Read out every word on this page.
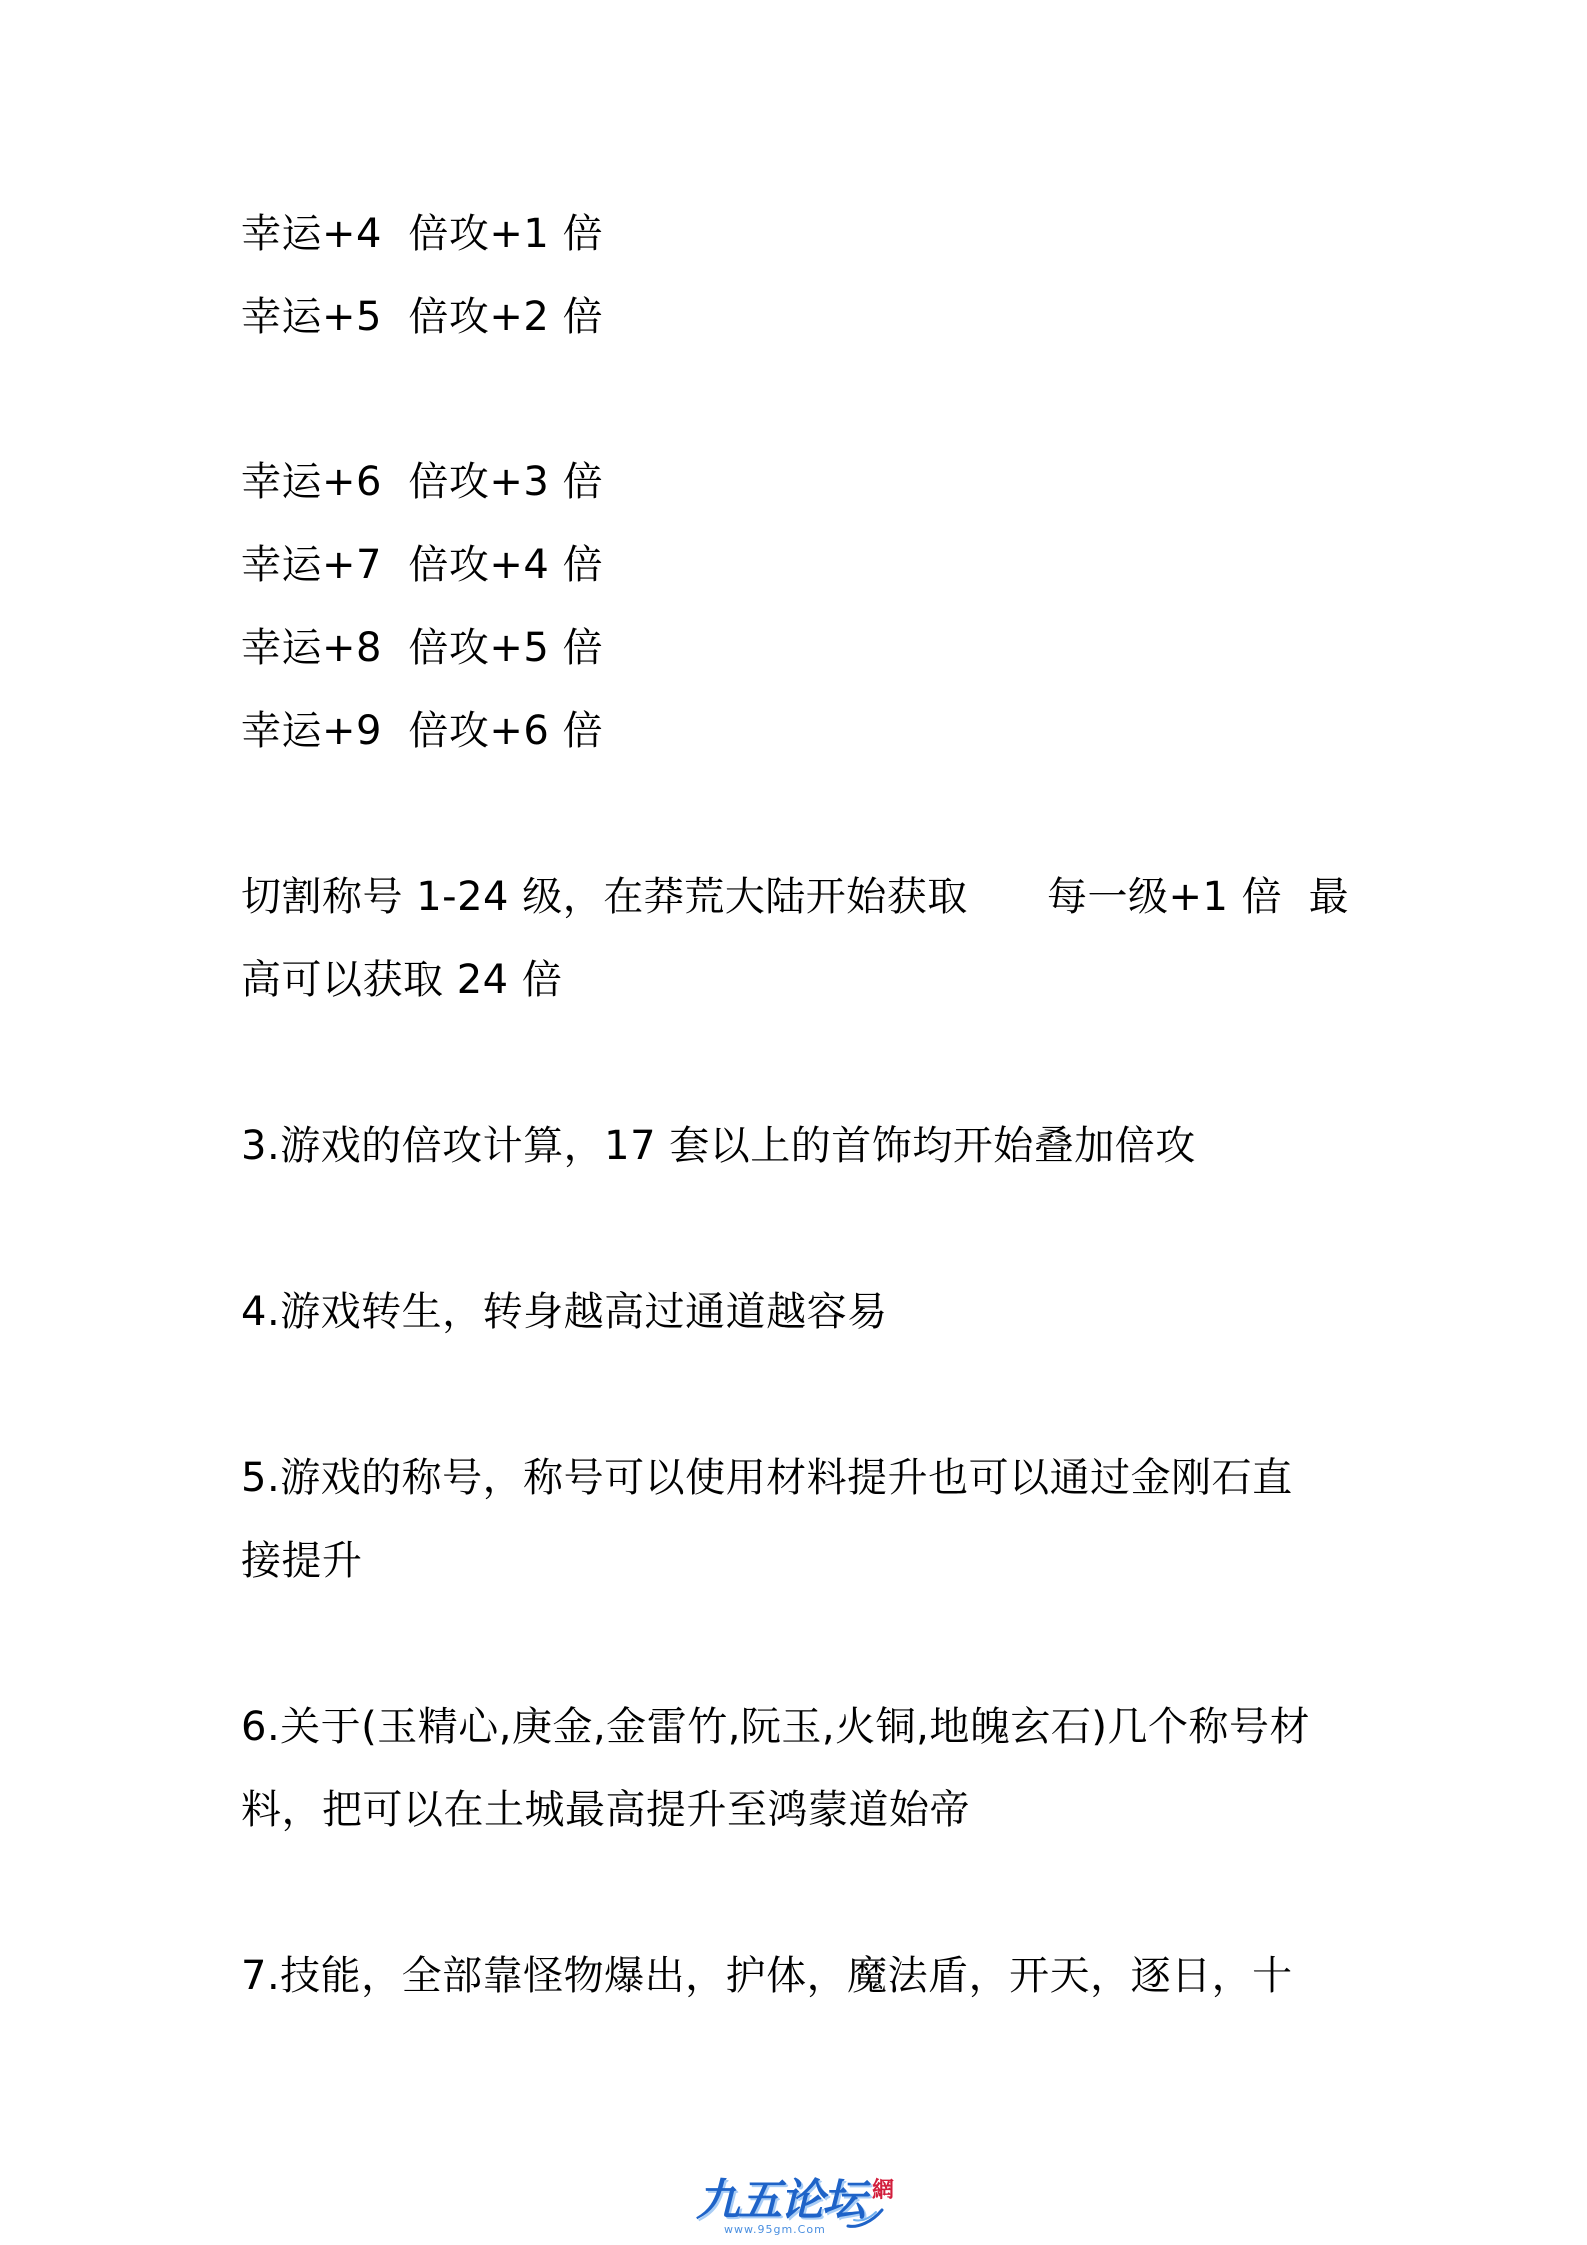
幸运+4  倍攻+1 倍
幸运+5  倍攻+2 倍
幸运+6  倍攻+3 倍
幸运+7  倍攻+4 倍
幸运+8  倍攻+5 倍
幸运+9  倍攻+6 倍
切割称号 1-24 级，在莽荒大陆开始获取      每一级+1 倍  最
高可以获取 24 倍
3.游戏的倍攻计算，17 套以上的首饰均开始叠加倍攻
4.游戏转生，转身越高过通道越容易
5.游戏的称号，称号可以使用材料提升也可以通过金刚石直
接提升
6.关于(玉精心,庚金,金雷竹,阮玉,火铜,地魄玄石)几个称号材
料，把可以在土城最高提升至鸿蒙道始帝
7.技能，全部靠怪物爆出，护体，魔法盾，开天，逐日，十
九五论坛 網
www.95gm.Com
